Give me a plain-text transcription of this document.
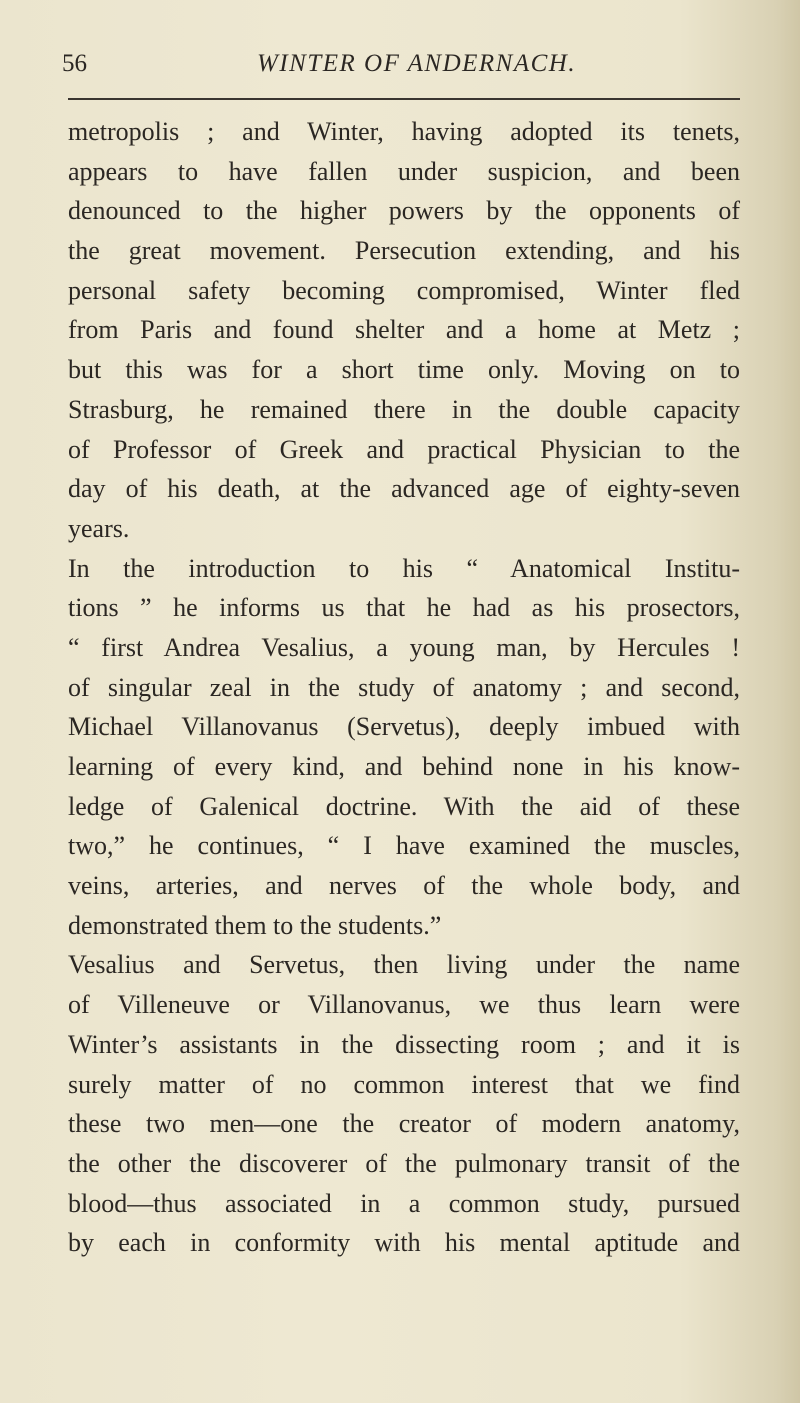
56	WINTER OF ANDERNACH.
metropolis ; and Winter, having adopted its tenets,
appears to have fallen under suspicion, and been
denounced to the higher powers by the opponents of
the great movement. Persecution extending, and his
personal safety becoming compromised, Winter fled
from Paris and found shelter and a home at Metz ;
but this was for a short time only. Moving on to
Strasburg, he remained there in the double capacity
of Professor of Greek and practical Physician to the
day of his death, at the advanced age of eighty-seven
years.
In the introduction to his “ Anatomical Institu-
tions ” he informs us that he had as his prosectors,
“ first Andrea Vesalius, a young man, by Hercules !
of singular zeal in the study of anatomy ; and second,
Michael Villanovanus (Servetus), deeply imbued with
learning of every kind, and behind none in his know-
ledge of Galenical doctrine. With the aid of these
two,” he continues, “ I have examined the muscles,
veins, arteries, and nerves of the whole body, and
demonstrated them to the students.”
Vesalius and Servetus, then living under the name
of Villeneuve or Villanovanus, we thus learn were
Winter’s assistants in the dissecting room ; and it is
surely matter of no common interest that we find
these two men—one the creator of modern anatomy,
the other the discoverer of the pulmonary transit of the
blood—thus associated in a common study, pursued
by each in conformity with his mental aptitude and
